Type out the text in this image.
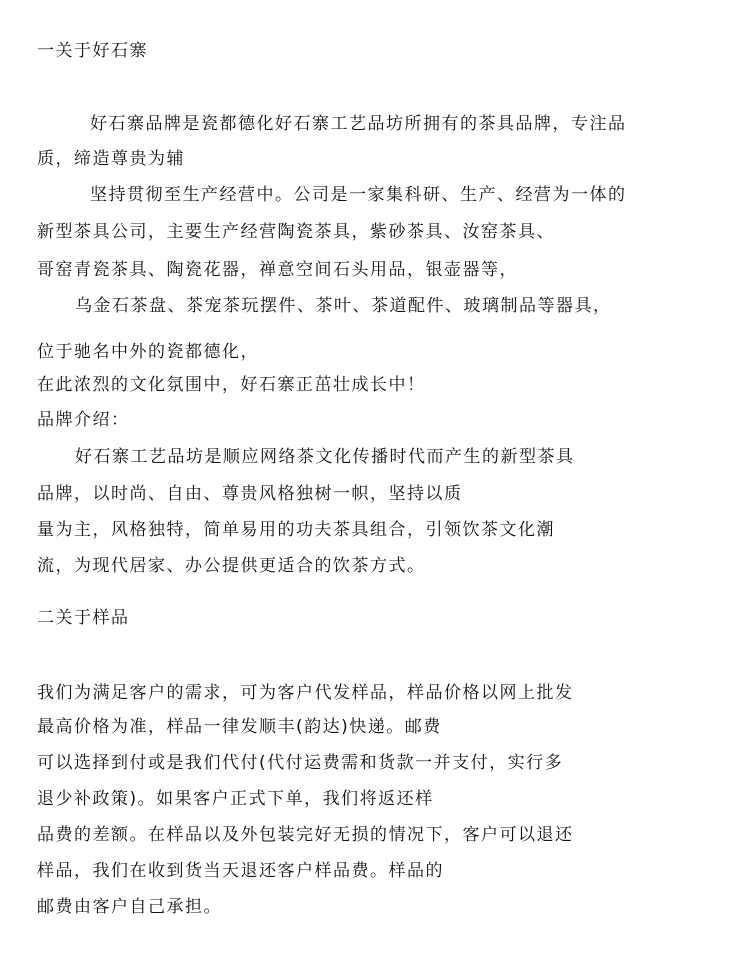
一关于好石寨
好石寨品牌是瓷都德化好石寨工艺品坊所拥有的茶具品牌，专注品
质，缔造尊贵为辅
坚持贯彻至生产经营中。公司是一家集科研、生产、经营为一体的
新型茶具公司，主要生产经营陶瓷茶具，紫砂茶具、汝窑茶具、
哥窑青瓷茶具、陶瓷花器，禅意空间石头用品，银壶器等，
乌金石茶盘、茶宠茶玩摆件、茶叶、茶道配件、玻璃制品等器具，
位于驰名中外的瓷都德化，
在此浓烈的文化氛围中，好石寨正茁壮成长中！
品牌介绍：
好石寨工艺品坊是顺应网络茶文化传播时代而产生的新型茶具
品牌，以时尚、自由、尊贵风格独树一帜，坚持以质
量为主，风格独特，简单易用的功夫茶具组合，引领饮茶文化潮
流，为现代居家、办公提供更适合的饮茶方式。
二关于样品
我们为满足客户的需求，可为客户代发样品，样品价格以网上批发
最高价格为准，样品一律发顺丰(韵达)快递。邮费
可以选择到付或是我们代付(代付运费需和货款一并支付，实行多
退少补政策)。如果客户正式下单，我们将返还样
品费的差额。在样品以及外包装完好无损的情况下，客户可以退还
样品，我们在收到货当天退还客户样品费。样品的
邮费由客户自己承担。
